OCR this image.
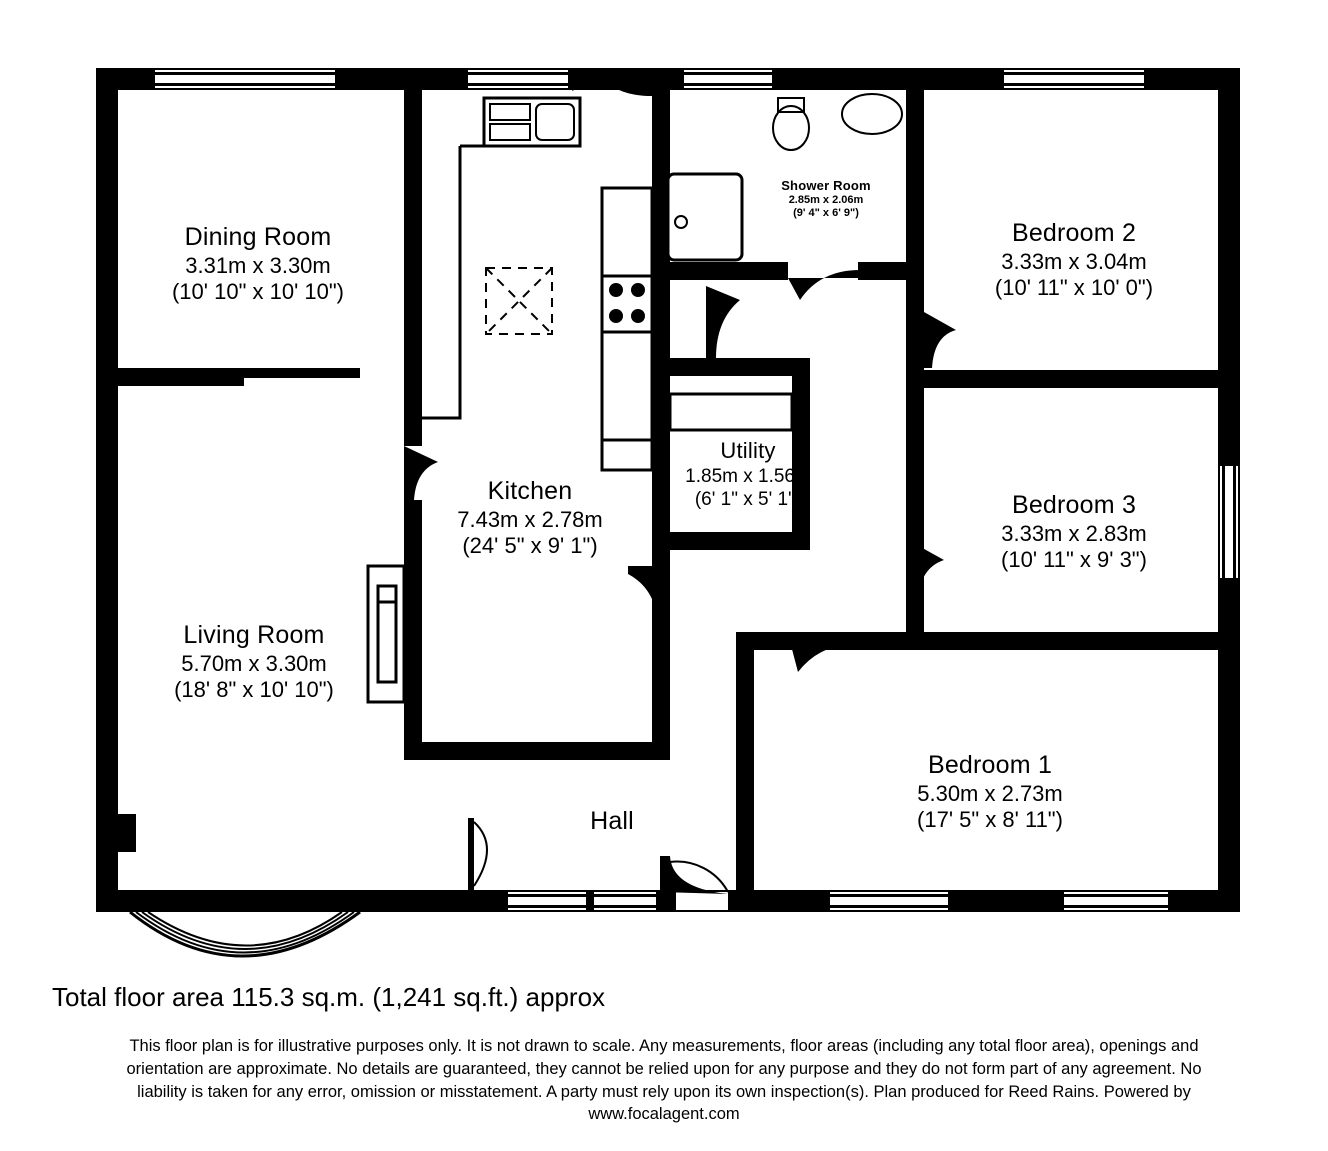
Dining Room
3.31m x 3.30m
(10' 10" x 10' 10")
Shower Room
2.85m x 2.06m
(9' 4" x 6' 9")
Bedroom 2
3.33m x 3.04m
(10' 11" x 10' 0")
Utility
1.85m x 1.56m
(6' 1" x 5' 1")
Kitchen
7.43m x 2.78m
(24' 5" x 9' 1")
Bedroom 3
3.33m x 2.83m
(10' 11" x 9' 3")
Living Room
5.70m x 3.30m
(18' 8" x 10' 10")
Bedroom 1
5.30m x 2.73m
(17' 5" x 8' 11")
Hall
Total floor area 115.3 sq.m. (1,241 sq.ft.) approx
This floor plan is for illustrative purposes only. It is not drawn to scale. Any measurements, floor areas (including any total floor area), openings and
orientation are approximate. No details are guaranteed, they cannot be relied upon for any purpose and they do not form part of any agreement. No
liability is taken for any error, omission or misstatement. A party must rely upon its own inspection(s). Plan produced for Reed Rains. Powered by
www.focalagent.com
